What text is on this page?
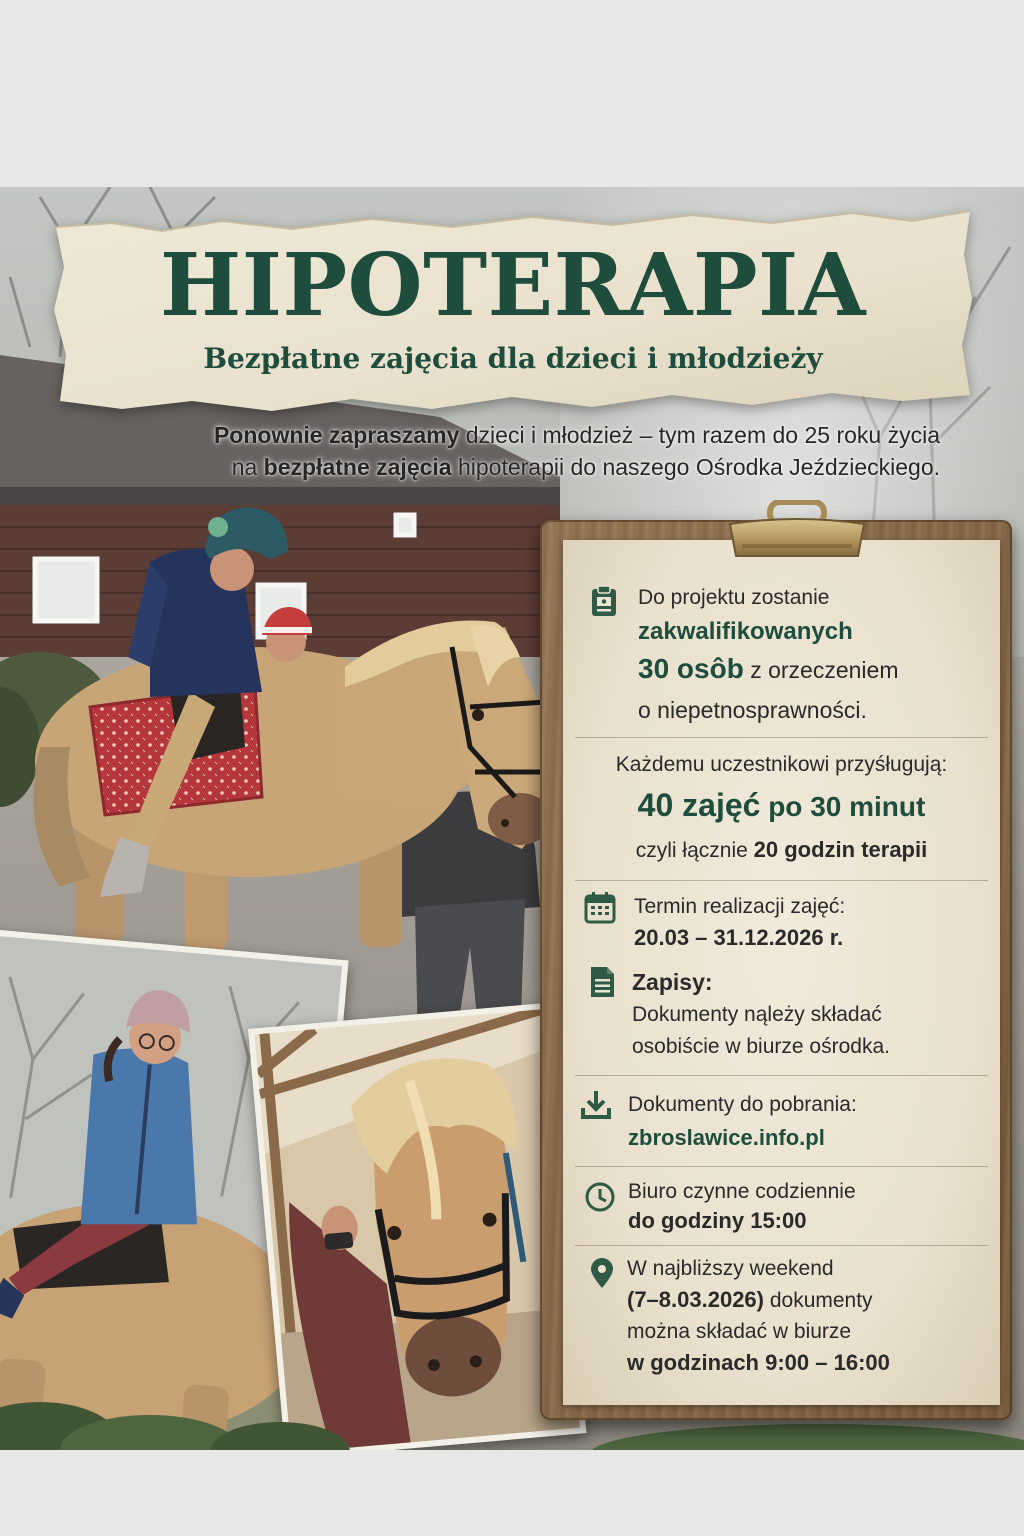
HIPOTERAPIA
Bezpłatne zajęcia dla dzieci i młodzieży
Ponownie zapraszamy dzieci i młodzież – tym razem do 25 roku życia
na bezpłatne zajęcia hipoterapii do naszego Ośrodka Jeździeckiego.
Do projektu zostanie
zakwalifikowanych
30 osôb z orzeczeniem
o niepetnosprawności.
Każdemu uczestnikowi przyśługują:
40 zajęć po 30 minut
czyli łącznie 20 godzin terapii
Termin realizacji zajęć:
20.03 – 31.12.2026 r.
Zapisy:
Dokumenty nąleży składać
osobiście w biurze ośrodka.
Dokumenty do pobrania:
zbroslawice.info.pl
Biuro czynne codziennie
do godziny 15:00
W najbliższy weekend
(7–8.03.2026) dokumenty
można składać w biurze
w godzinach 9:00 – 16:00
